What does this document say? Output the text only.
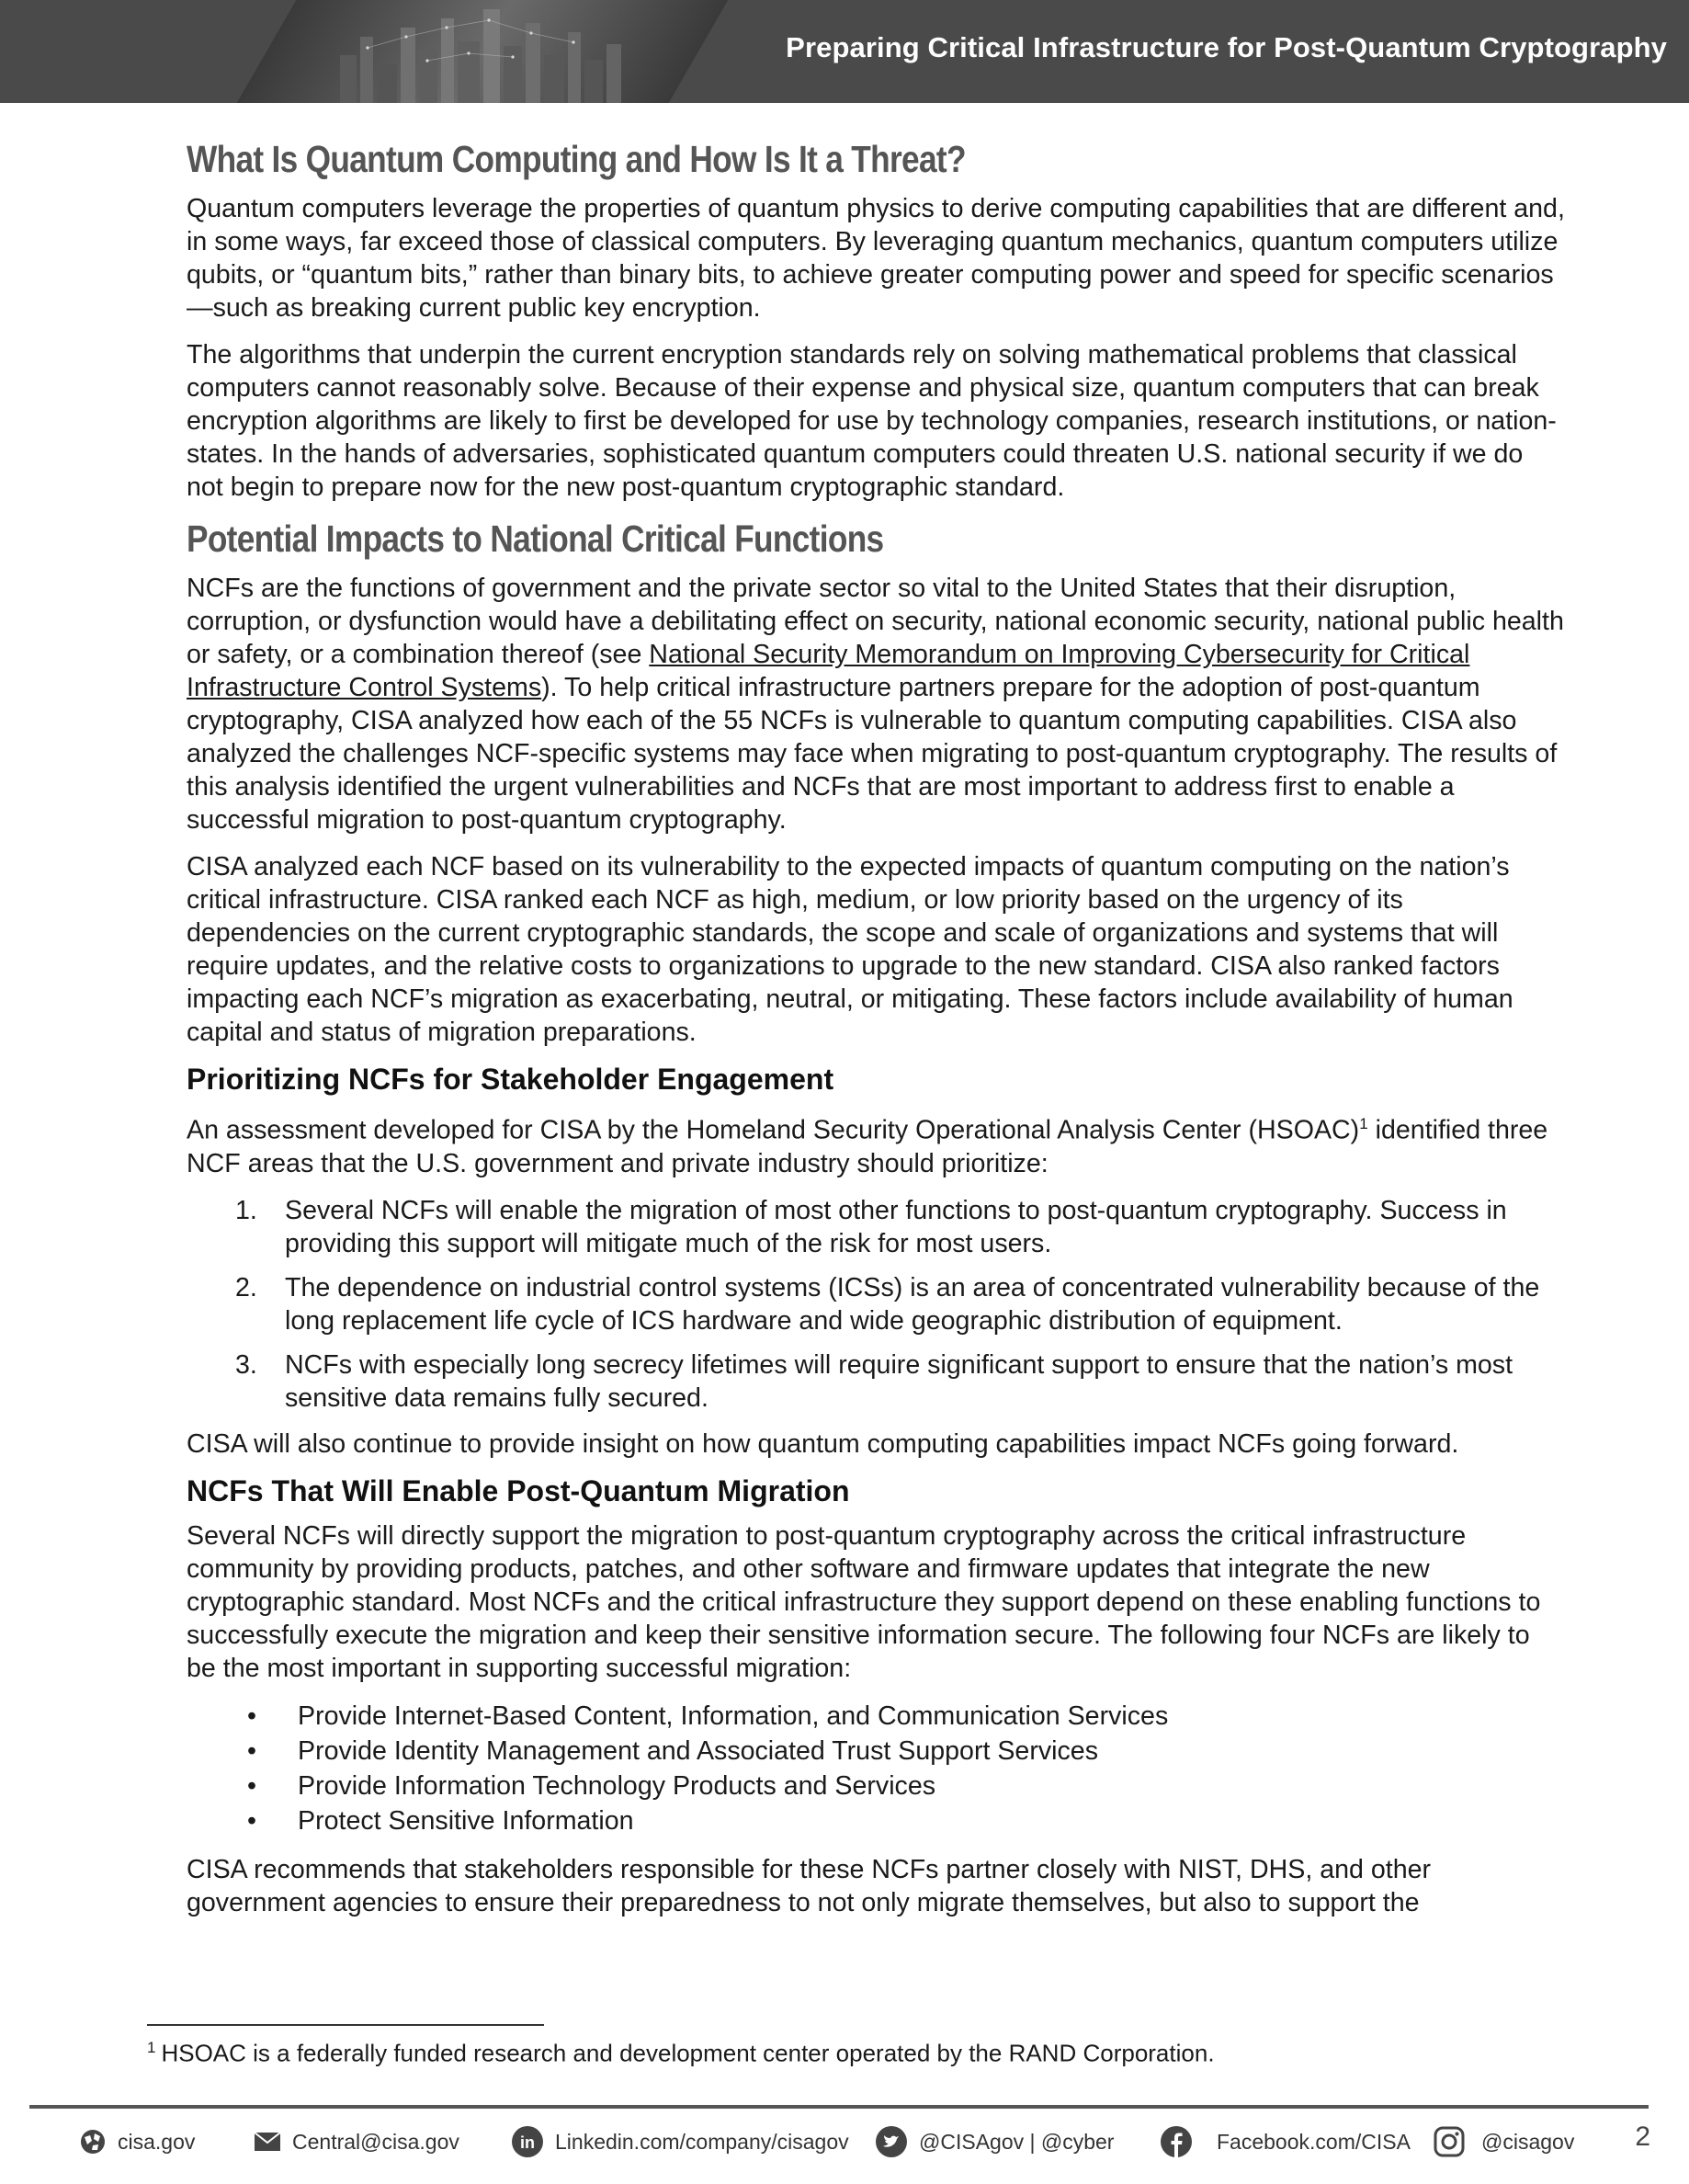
Preparing Critical Infrastructure for Post-Quantum Cryptography
What Is Quantum Computing and How Is It a Threat?

Quantum computers leverage the properties of quantum physics to derive computing capabilities that are different and, in some ways, far exceed those of classical computers. By leveraging quantum mechanics, quantum computers utilize qubits, or “quantum bits,” rather than binary bits, to achieve greater computing power and speed for specific scenarios—such as breaking current public key encryption.

The algorithms that underpin the current encryption standards rely on solving mathematical problems that classical computers cannot reasonably solve. Because of their expense and physical size, quantum computers that can break encryption algorithms are likely to first be developed for use by technology companies, research institutions, or nation-states. In the hands of adversaries, sophisticated quantum computers could threaten U.S. national security if we do not begin to prepare now for the new post-quantum cryptographic standard.

Potential Impacts to National Critical Functions

NCFs are the functions of government and the private sector so vital to the United States that their disruption, corruption, or dysfunction would have a debilitating effect on security, national economic security, national public health or safety, or a combination thereof (see National Security Memorandum on Improving Cybersecurity for Critical Infrastructure Control Systems). To help critical infrastructure partners prepare for the adoption of post-quantum cryptography, CISA analyzed how each of the 55 NCFs is vulnerable to quantum computing capabilities. CISA also analyzed the challenges NCF-specific systems may face when migrating to post-quantum cryptography. The results of this analysis identified the urgent vulnerabilities and NCFs that are most important to address first to enable a successful migration to post-quantum cryptography.

CISA analyzed each NCF based on its vulnerability to the expected impacts of quantum computing on the nation’s critical infrastructure. CISA ranked each NCF as high, medium, or low priority based on the urgency of its dependencies on the current cryptographic standards, the scope and scale of organizations and systems that will require updates, and the relative costs to organizations to upgrade to the new standard. CISA also ranked factors impacting each NCF’s migration as exacerbating, neutral, or mitigating. These factors include availability of human capital and status of migration preparations.

Prioritizing NCFs for Stakeholder Engagement

An assessment developed for CISA by the Homeland Security Operational Analysis Center (HSOAC)$^1$ identified three NCF areas that the U.S. government and private industry should prioritize:

1. Several NCFs will enable the migration of most other functions to post-quantum cryptography. Success in providing this support will mitigate much of the risk for most users.
2. The dependence on industrial control systems (ICSs) is an area of concentrated vulnerability because of the long replacement life cycle of ICS hardware and wide geographic distribution of equipment.
3. NCFs with especially long secrecy lifetimes will require significant support to ensure that the nation’s most sensitive data remains fully secured.

CISA will also continue to provide insight on how quantum computing capabilities impact NCFs going forward.

NCFs That Will Enable Post-Quantum Migration

Several NCFs will directly support the migration to post-quantum cryptography across the critical infrastructure community by providing products, patches, and other software and firmware updates that integrate the new cryptographic standard. Most NCFs and the critical infrastructure they support depend on these enabling functions to successfully execute the migration and keep their sensitive information secure. The following four NCFs are likely to be the most important in supporting successful migration:

• Provide Internet-Based Content, Information, and Communication Services
• Provide Identity Management and Associated Trust Support Services
• Provide Information Technology Products and Services
• Protect Sensitive Information

CISA recommends that stakeholders responsible for these NCFs partner closely with NIST, DHS, and other government agencies to ensure their preparedness to not only migrate themselves, but also to support the

$^1$ HSOAC is a federally funded research and development center operated by the RAND Corporation.
cisa.gov	Central@cisa.gov	in Linkedin.com/company/cisagov	@CISAgov | @cyber	Facebook.com/CISA	@cisagov 2
